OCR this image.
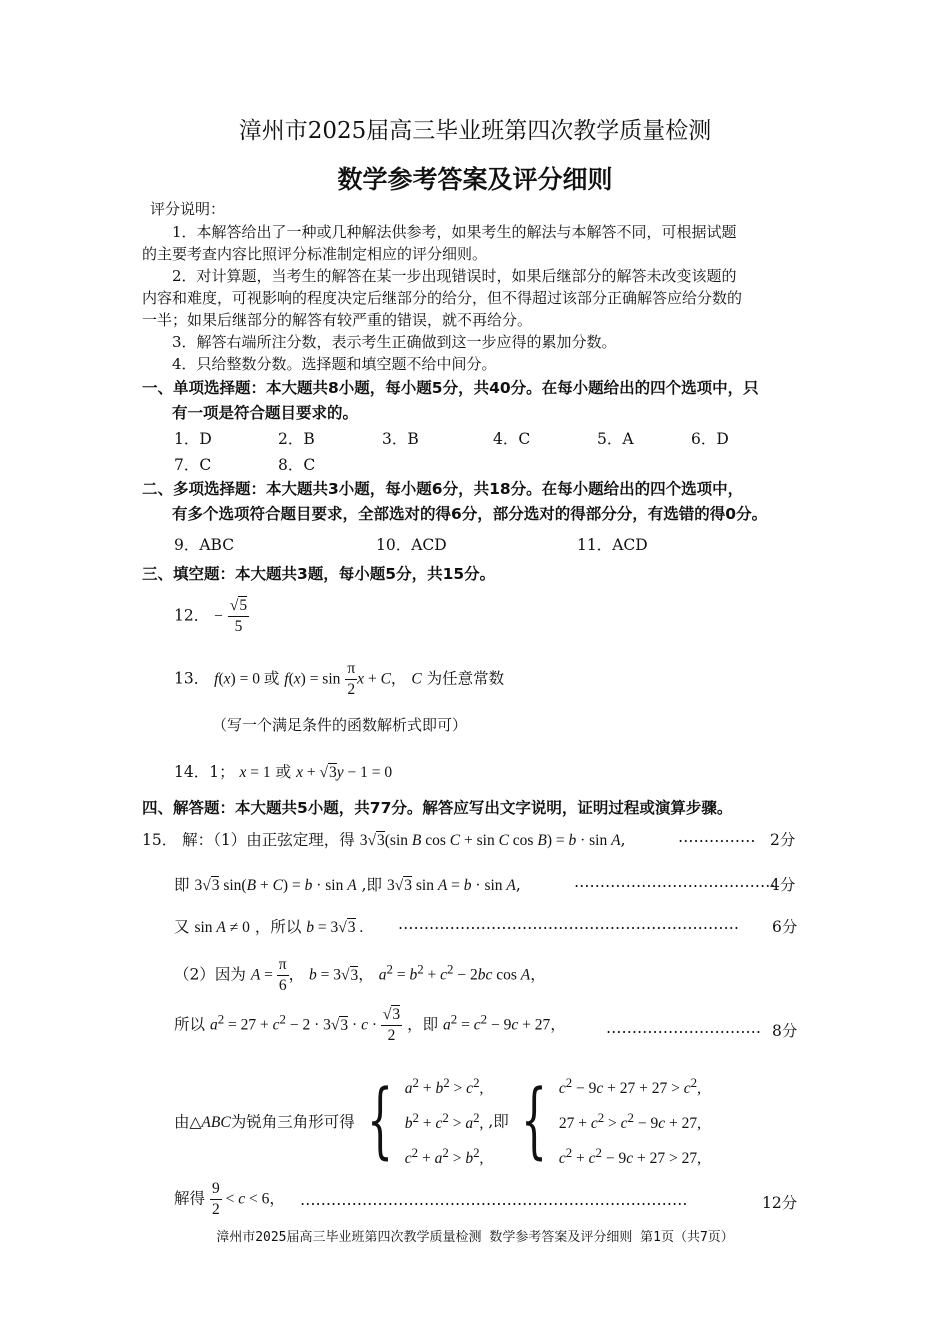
漳州市2025届高三毕业班第四次教学质量检测
数学参考答案及评分细则
评分说明：
1．本解答给出了一种或几种解法供参考，如果考生的解法与本解答不同，可根据试题
的主要考查内容比照评分标准制定相应的评分细则。
2．对计算题，当考生的解答在某一步出现错误时，如果后继部分的解答未改变该题的
内容和难度，可视影响的程度决定后继部分的给分，但不得超过该部分正确解答应给分数的
一半；如果后继部分的解答有较严重的错误，就不再给分。
3．解答右端所注分数，表示考生正确做到这一步应得的累加分数。
4．只给整数分数。选择题和填空题不给中间分。
一、单项选择题：本大题共8小题，每小题5分，共40分。在每小题给出的四个选项中，只
有一项是符合题目要求的。
1．D	2．B	3．B	4．C	5．A	6．D
7．C	8．C
二、多项选择题：本大题共3小题，每小题6分，共18分。在每小题给出的四个选项中，
有多个选项符合题目要求，全部选对的得6分，部分选对的得部分分，有选错的得0分。
9．ABC	10．ACD	11．ACD
三、填空题：本大题共3题，每小题5分，共15分。
12． − $\frac{√5}{5}$
13． f(x) = 0 或 $f(x) = \sin \frac{\pi}{2}$ x + C， C 为任意常数
（写一个满足条件的函数解析式即可）
14．1； x = 1 或 x + √3y − 1 = 0
四、解答题：本大题共5小题，共77分。解答应写出文字说明，证明过程或演算步骤。
15． 解：（1）由正弦定理，得 3√3(sin B cos C + sin C cos B) = b · sin A,	…………… 2分
即 3√3 sin(B + C) = b · sin A ,即 3√3 sin A = b · sin A,	…………………………………
4分
又 sin A ≠ 0 ，所以 b = 3√3 . ………………………………………………………… 6分
（2）因为 $A = \frac{\pi}{6}$ ， b = 3√3， $a^2 = b^2 + c^2 - 2bc$ cos A，
所以 $a^2 = 27 + c^2 - 2 \cdot 3√3 \cdot c \cdot \frac{√3}{2}$ ，即 $a^2 = c^2 - 9c + 27$，	………………………… 8分
由△ABC为锐角三角形可得 { $a^2 + b^2 > c^2$,
$b^2 + c^2 > a^2$,
$c^2 + a^2 > b^2$,
,即 { $c^2 - 9c + 27 + 27 > c^2$,
$27 + c^2 > c^2 - 9c + 27$,
$c^2 + c^2 - 9c + 27 > 27$,
解得 $\frac{9}{2} < c < 6$， …………………………………………………………………	12分
漳州市2025届高三毕业班第四次教学质量检测 数学参考答案及评分细则 第1页（共7页）
